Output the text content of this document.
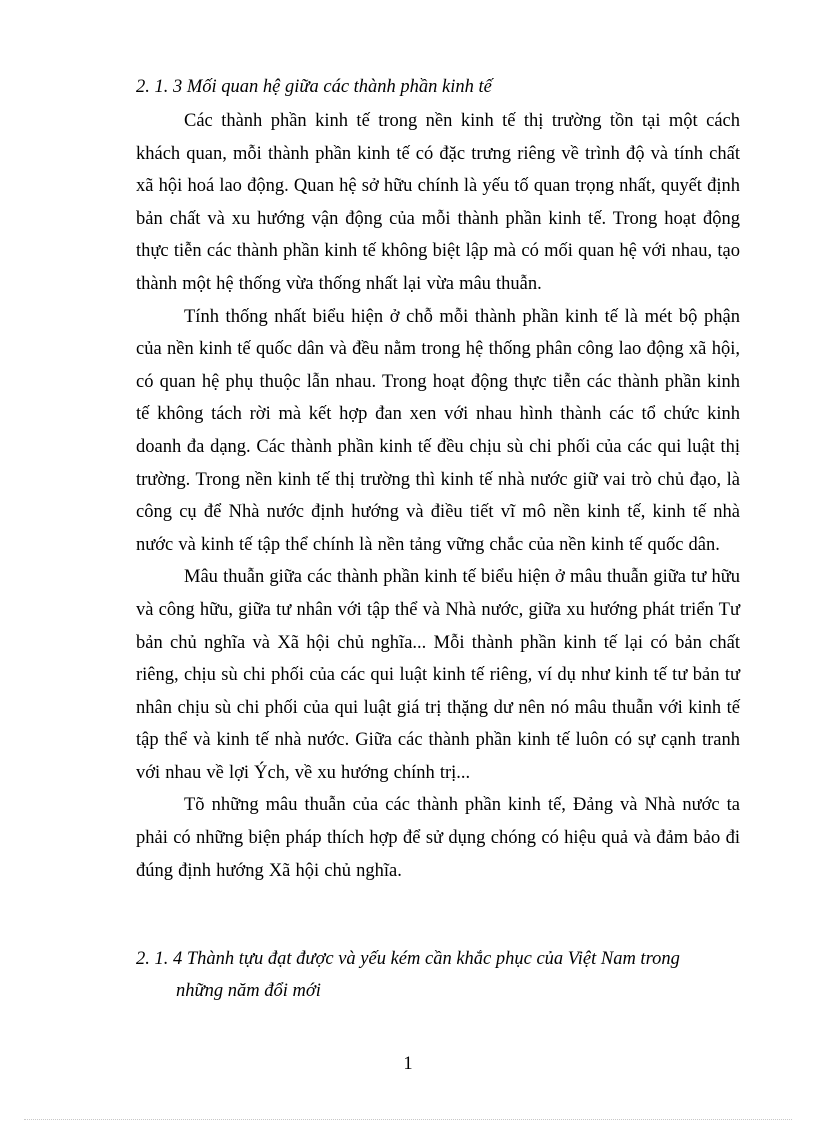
2. 1. 3 Mối quan hệ giữa các thành phần kinh tế

Các thành phần kinh tế trong nền kinh tế thị trường tồn tại một cách khách quan, mỗi thành phần kinh tế có đặc trưng riêng về trình độ và tính chất xã hội hoá lao động. Quan hệ sở hữu chính là yếu tố quan trọng nhất, quyết định bản chất và xu hướng vận động của mỗi thành phần kinh tế. Trong hoạt động thực tiễn các thành phần kinh tế không biệt lập mà có mối quan hệ với nhau, tạo thành một hệ thống vừa thống nhất lại vừa mâu thuẫn.

Tính thống nhất biểu hiện ở chỗ mỗi thành phần kinh tế là mét bộ phận của nền kinh tế quốc dân và đều nằm trong hệ thống phân công lao động xã hội, có quan hệ phụ thuộc lẫn nhau. Trong hoạt động thực tiễn các thành phần kinh tế không tách rời mà kết hợp đan xen với nhau hình thành các tổ chức kinh doanh đa dạng. Các thành phần kinh tế đều chịu sù chi phối của các qui luật thị trường. Trong nền kinh tế thị trường thì kinh tế nhà nước giữ vai trò chủ đạo, là công cụ để Nhà nước định hướng và điều tiết vĩ mô nền kinh tế, kinh tế nhà nước và kinh tế tập thể chính là nền tảng vững chắc của nền kinh tế quốc dân.

Mâu thuẫn giữa các thành phần kinh tế biểu hiện ở mâu thuẫn giữa tư hữu và công hữu, giữa tư nhân với tập thể và Nhà nước, giữa xu hướng phát triển Tư bản chủ nghĩa và Xã hội chủ nghĩa... Mỗi thành phần kinh tế lại có bản chất riêng, chịu sù chi phối của các qui luật kinh tế riêng, ví dụ như kinh tế tư bản tư nhân chịu sù chi phối của qui luật giá trị thặng dư nên nó mâu thuẫn với kinh tế tập thể và kinh tế nhà nước. Giữa các thành phần kinh tế luôn có sự cạnh tranh với nhau về lợi Ých, về xu hướng chính trị...

Tõ những mâu thuẫn của các thành phần kinh tế, Đảng và Nhà nước ta phải có những biện pháp thích hợp để sử dụng chóng có hiệu quả và đảm bảo đi đúng định hướng Xã hội chủ nghĩa.

2. 1. 4 Thành tựu đạt được và yếu kém cần khắc phục của Việt Nam trong
những năm đổi mới

1
